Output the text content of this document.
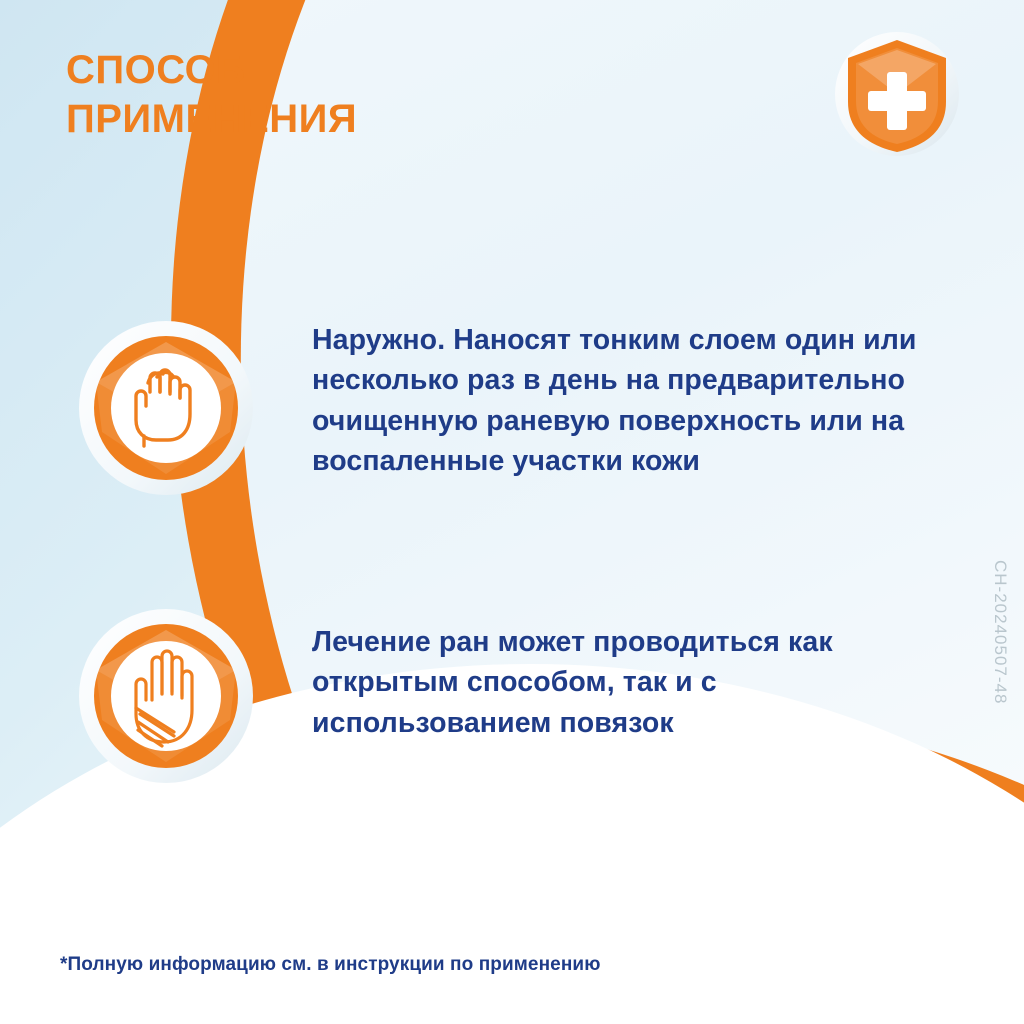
СПОСОБ
ПРИМЕНЕНИЯ
Наружно. Наносят тонким слоем один или несколько раз в день на предварительно очищенную раневую поверхность или на воспаленные участки кожи
Лечение ран может проводиться как открытым способом, так и с использованием повязок
*Полную информацию см. в инструкции по применению
CH-20240507-48
